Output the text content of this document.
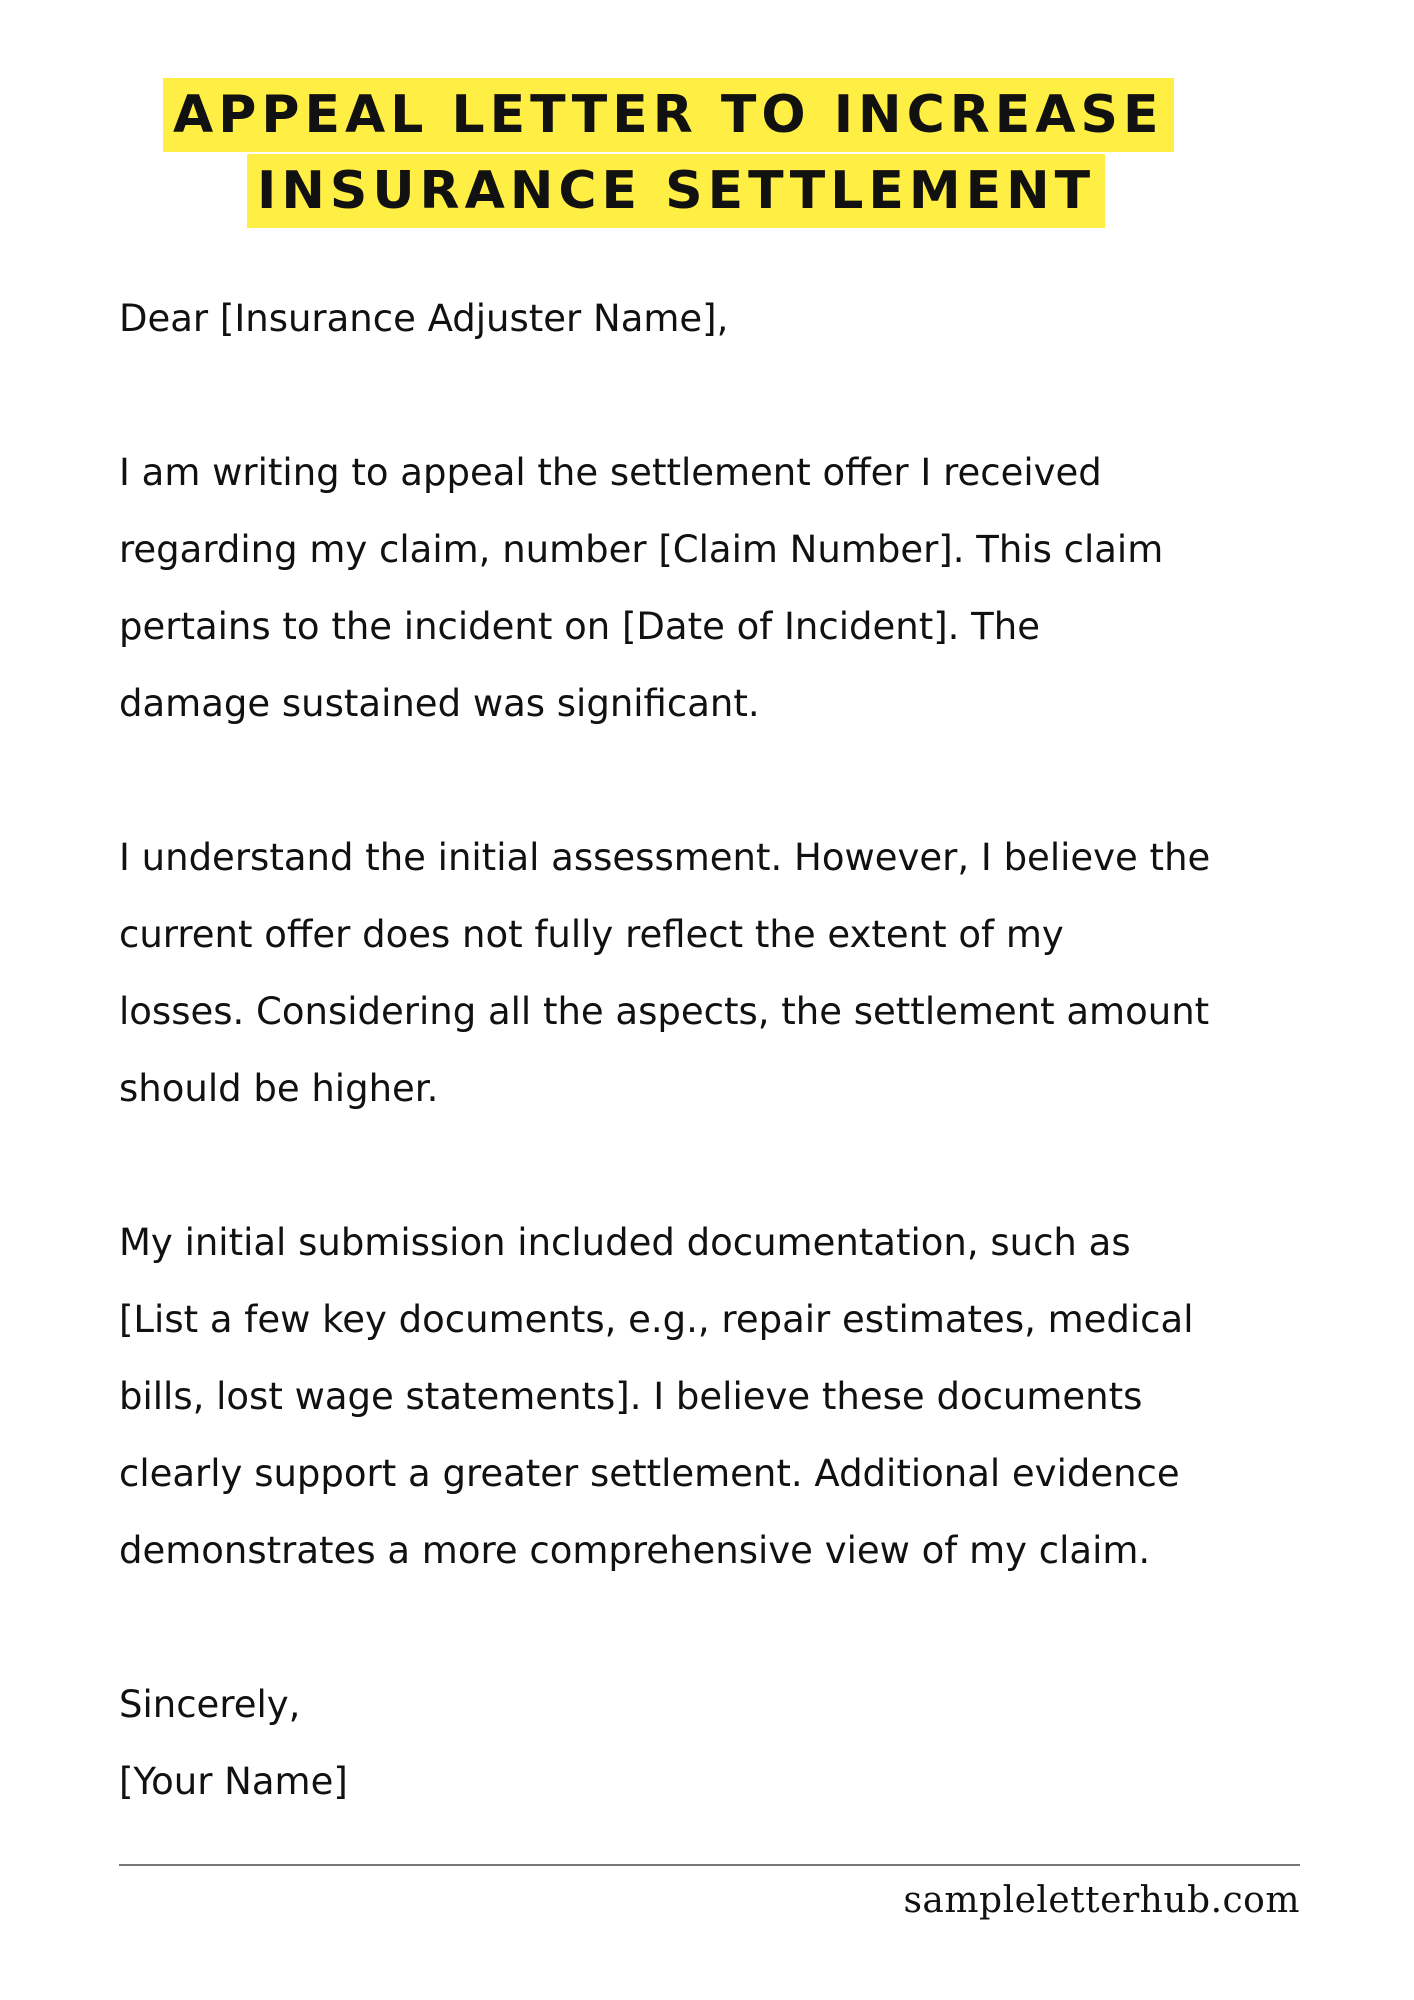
APPEAL LETTER TO INCREASE
INSURANCE SETTLEMENT

Dear [Insurance Adjuster Name],

I am writing to appeal the settlement offer I received
regarding my claim, number [Claim Number]. This claim
pertains to the incident on [Date of Incident]. The
damage sustained was significant.

I understand the initial assessment. However, I believe the
current offer does not fully reflect the extent of my
losses. Considering all the aspects, the settlement amount
should be higher.

My initial submission included documentation, such as
[List a few key documents, e.g., repair estimates, medical
bills, lost wage statements]. I believe these documents
clearly support a greater settlement. Additional evidence
demonstrates a more comprehensive view of my claim.

Sincerely,
[Your Name]
sampleletterhub.com
